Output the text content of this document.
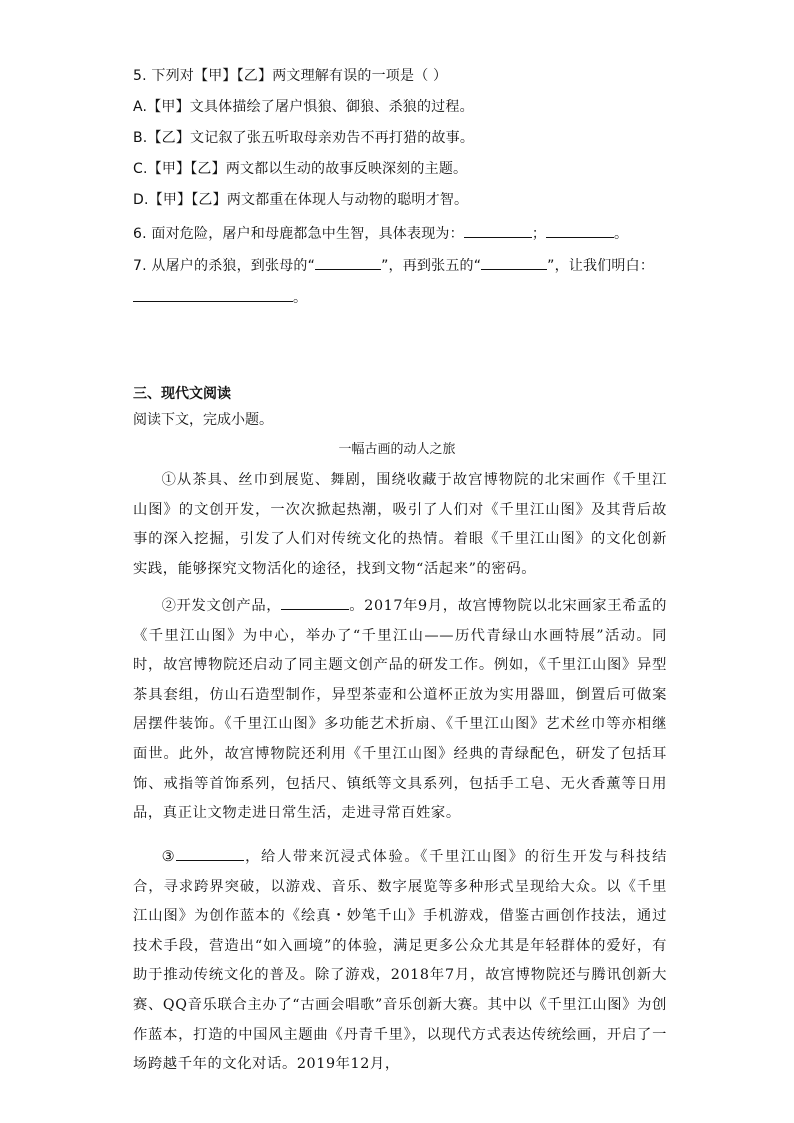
5. 下列对【甲】【乙】两文理解有误的一项是（ ）
A.【甲】文具体描绘了屠户惧狼、御狼、杀狼的过程。
B.【乙】文记叙了张五听取母亲劝告不再打猎的故事。
C.【甲】【乙】两文都以生动的故事反映深刻的主题。
D.【甲】【乙】两文都重在体现人与动物的聪明才智。
6. 面对危险，屠户和母鹿都急中生智，具体表现为：	；	。
7. 从屠户的杀狼，到张母的“	”，再到张五的“	”，让我们明白：
。
三、现代文阅读
阅读下文，完成小题。
一幅古画的动人之旅
①从茶具、丝巾到展览、舞剧，围绕收藏于故宫博物院的北宋画作《千里江山图》的文创开发，一次次掀起热潮，吸引了人们对《千里江山图》及其背后故事的深入挖掘，引发了人们对传统文化的热情。着眼《千里江山图》的文化创新实践，能够探究文物活化的途径，找到文物“活起来”的密码。
②开发文创产品，	。2017年9月，故宫博物院以北宋画家王希孟的《千里江山图》为中心，举办了“千里江山——历代青绿山水画特展”活动。同时，故宫博物院还启动了同主题文创产品的研发工作。例如，《千里江山图》异型茶具套组，仿山石造型制作，异型茶壶和公道杯正放为实用器皿，倒置后可做案居摆件装饰。《千里江山图》多功能艺术折扇、《千里江山图》艺术丝巾等亦相继面世。此外，故宫博物院还利用《千里江山图》经典的青绿配色，研发了包括耳饰、戒指等首饰系列，包括尺、镇纸等文具系列，包括手工皂、无火香薰等日用品，真正让文物走进日常生活，走进寻常百姓家。
③	，给人带来沉浸式体验。《千里江山图》的衍生开发与科技结合，寻求跨界突破，以游戏、音乐、数字展览等多种形式呈现给大众。以《千里江山图》为创作蓝本的《绘真・妙笔千山》手机游戏，借鉴古画创作技法，通过技术手段，营造出“如入画境”的体验，满足更多公众尤其是年轻群体的爱好，有助于推动传统文化的普及。除了游戏，2018年7月，故宫博物院还与腾讯创新大赛、QQ音乐联合主办了“古画会唱歌”音乐创新大赛。其中以《千里江山图》为创作蓝本，打造的中国风主题曲《丹青千里》，以现代方式表达传统绘画，开启了一场跨越千年的文化对话。2019年12月，
